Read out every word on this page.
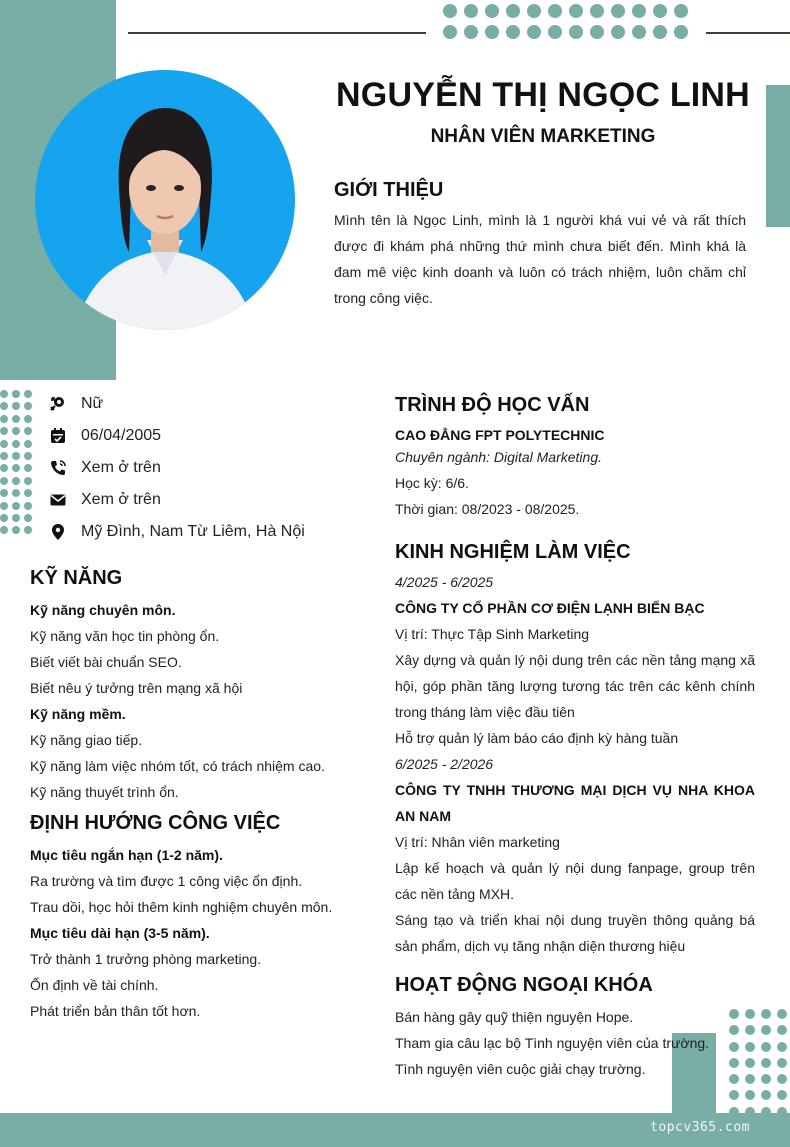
NGUYỄN THỊ NGỌC LINH
NHÂN VIÊN MARKETING
GIỚI THIỆU
Mình tên là Ngọc Linh, mình là 1 người khá vui vẻ và rất thích được đi khám phá những thứ mình chưa biết đến. Mình khá là đam mê việc kinh doanh và luôn có trách nhiệm, luôn chăm chỉ trong công việc.
Nữ
06/04/2005
Xem ở trên
Xem ở trên
Mỹ Đình, Nam Từ Liêm, Hà Nội
KỸ NĂNG
Kỹ năng chuyên môn.
Kỹ năng văn học tin phòng ổn.
Biết viết bài chuẩn SEO.
Biết nêu ý tưởng trên mạng xã hội
Kỹ năng mềm.
Kỹ năng giao tiếp.
Kỹ năng làm việc nhóm tốt, có trách nhiệm cao.
Kỹ năng thuyết trình ổn.
ĐỊNH HƯỚNG CÔNG VIỆC
Mục tiêu ngắn hạn (1-2 năm).
Ra trường và tìm được 1 công việc ổn định.
Trau dồi, học hỏi thêm kinh nghiệm chuyên môn.
Mục tiêu dài hạn (3-5 năm).
Trở thành 1 trưởng phòng marketing.
Ổn định về tài chính.
Phát triển bản thân tốt hơn.
TRÌNH ĐỘ HỌC VẤN
CAO ĐẲNG FPT POLYTECHNIC
Chuyên ngành: Digital Marketing.
Học kỳ: 6/6.
Thời gian: 08/2023 - 08/2025.
KINH NGHIỆM LÀM VIỆC
4/2025 - 6/2025
CÔNG TY CỔ PHẦN CƠ ĐIỆN LẠNH BIỂN BẠC
Vị trí: Thực Tập Sinh Marketing
Xây dựng và quản lý nội dung trên các nền tảng mạng xã hội, góp phần tăng lượng tương tác trên các kênh chính trong tháng làm việc đầu tiên
Hỗ trợ quản lý làm báo cáo định kỳ hàng tuần
6/2025 - 2/2026
CÔNG TY TNHH THƯƠNG MẠI DỊCH VỤ NHA KHOA AN NAM
Vị trí: Nhân viên marketing
Lập kế hoạch và quản lý nội dung fanpage, group trên các nền tảng MXH.
Sáng tạo và triển khai nội dung truyền thông quảng bá sản phẩm, dịch vụ tăng nhận diện thương hiệu
HOẠT ĐỘNG NGOẠI KHÓA
Bán hàng gây quỹ thiện nguyện Hope.
Tham gia câu lạc bộ Tình nguyện viên của trường.
Tình nguyện viên cuộc giải chạy trường.
topcv365.com
